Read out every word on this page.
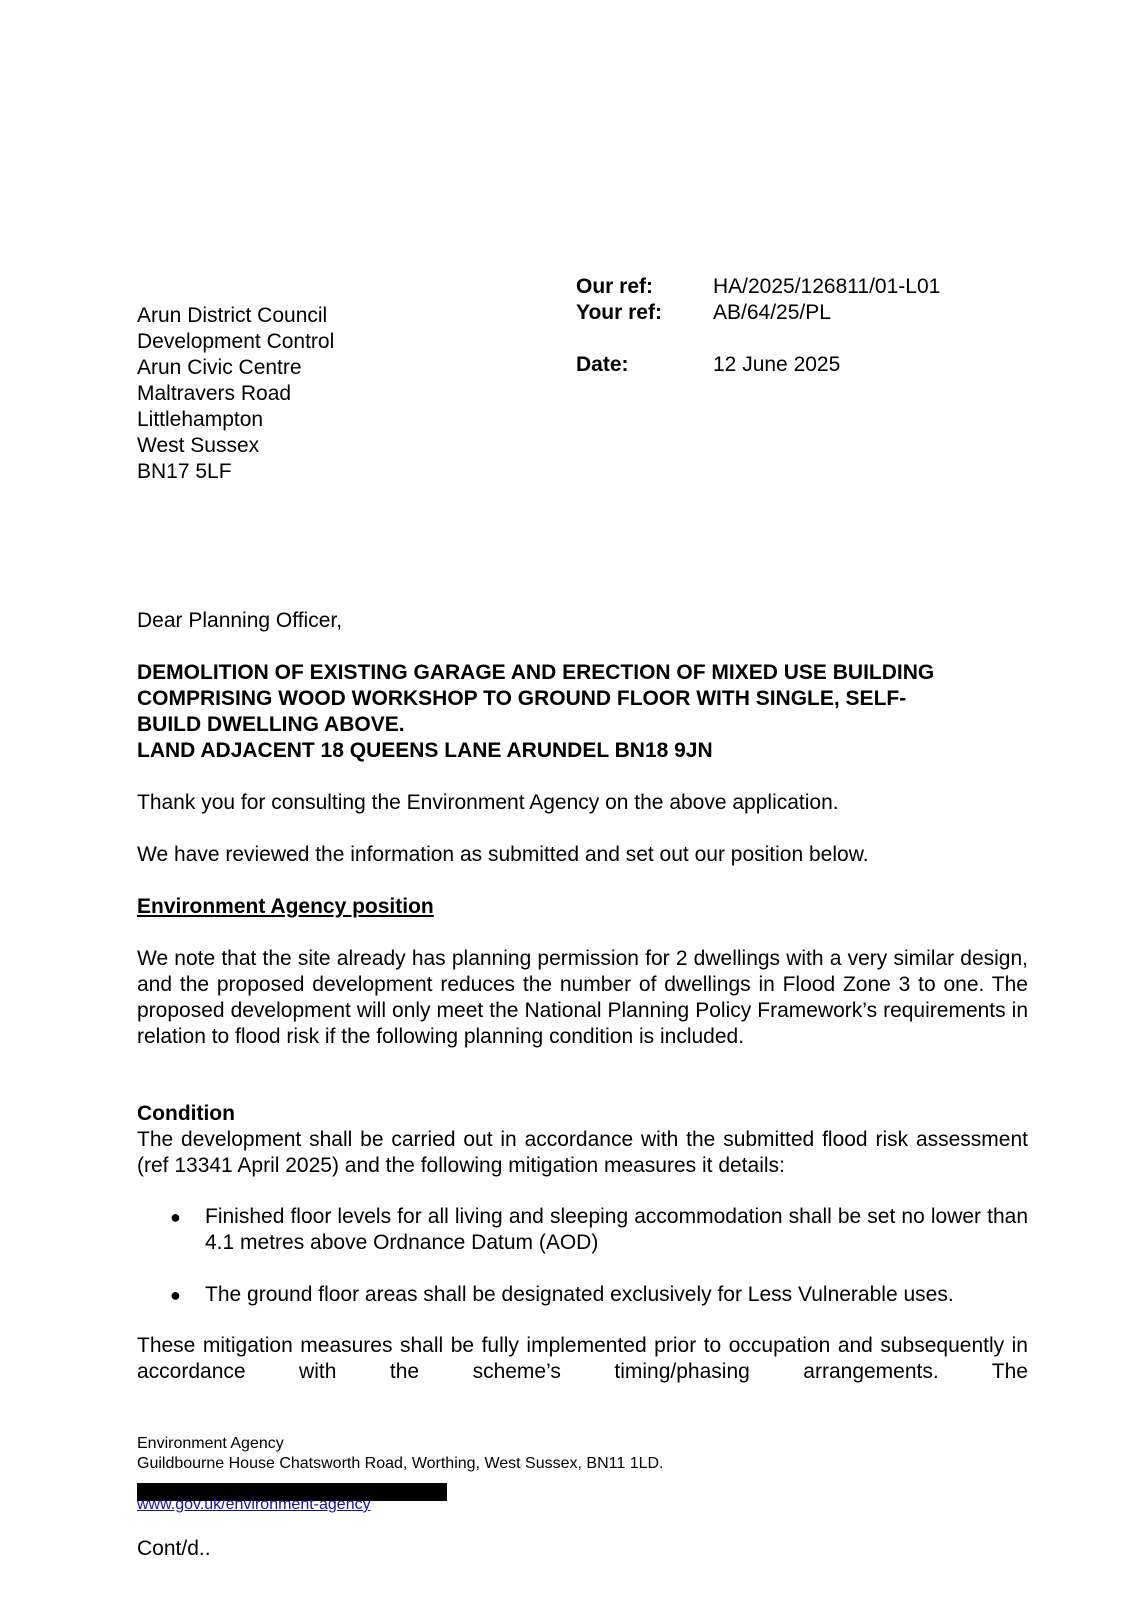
Our ref:	HA/2025/126811/01-L01
Your ref: AB/64/25/PL
Date:	12 June 2025
Arun District Council
Development Control
Arun Civic Centre
Maltravers Road
Littlehampton
West Sussex
BN17 5LF
Dear Planning Officer,
DEMOLITION OF EXISTING GARAGE AND ERECTION OF MIXED USE BUILDING
COMPRISING WOOD WORKSHOP TO GROUND FLOOR WITH SINGLE, SELF-
BUILD DWELLING ABOVE.
LAND ADJACENT 18 QUEENS LANE ARUNDEL BN18 9JN
Thank you for consulting the Environment Agency on the above application.
We have reviewed the information as submitted and set out our position below.
Environment Agency position
We note that the site already has planning permission for 2 dwellings with a very similar design, and the proposed development reduces the number of dwellings in Flood Zone 3 to one. The proposed development will only meet the National Planning Policy Framework’s requirements in relation to flood risk if the following planning condition is included.
Condition
The development shall be carried out in accordance with the submitted flood risk assessment (ref 13341 April 2025) and the following mitigation measures it details:
● Finished floor levels for all living and sleeping accommodation shall be set no lower than 4.1 metres above Ordnance Datum (AOD)
● The ground floor areas shall be designated exclusively for Less Vulnerable uses.
These mitigation measures shall be fully implemented prior to occupation and subsequently in accordance with the scheme’s timing/phasing arrangements. The
Environment Agency
Guildbourne House Chatsworth Road, Worthing, West Sussex, BN11 1LD.
www.gov.uk/environment-agency
Cont/d..
